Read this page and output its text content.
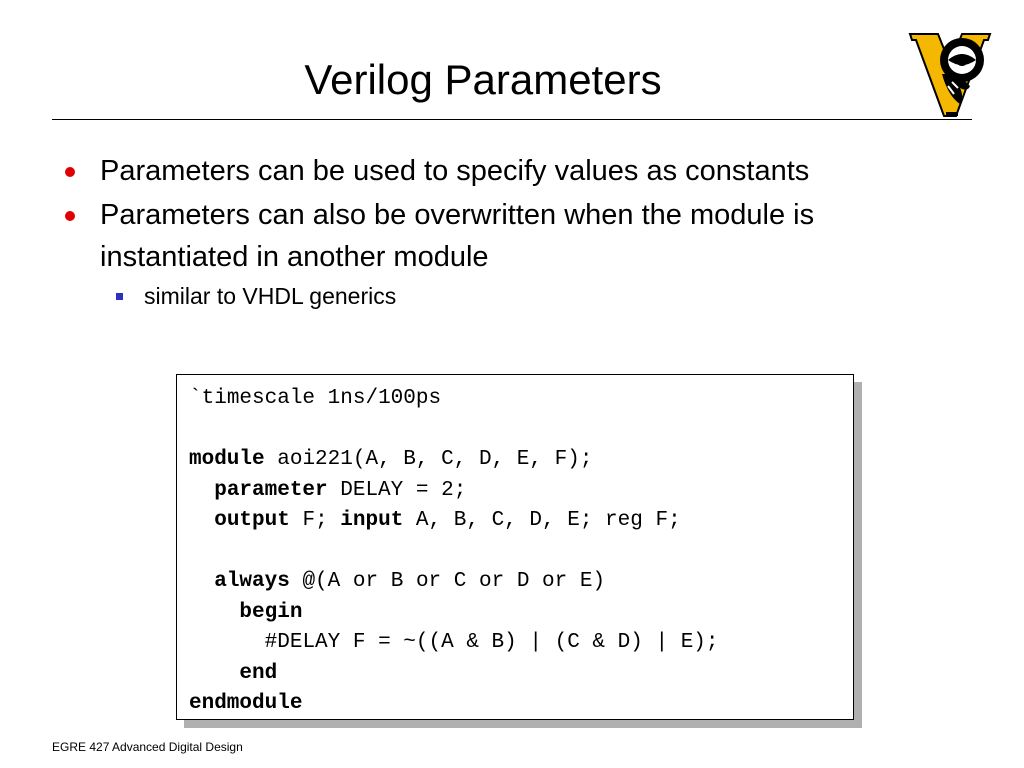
Verilog Parameters
Parameters can be used to specify values as constants
Parameters can also be overwritten when the module is instantiated in another module
similar to VHDL generics
`timescale 1ns/100ps

module aoi221(A, B, C, D, E, F);
parameter DELAY = 2;
output F; input A, B, C, D, E; reg F;

always @(A or B or C or D or E)
begin
#DELAY F = ~((A & B) | (C & D) | E);
end
endmodule
EGRE 427 Advanced Digital Design
